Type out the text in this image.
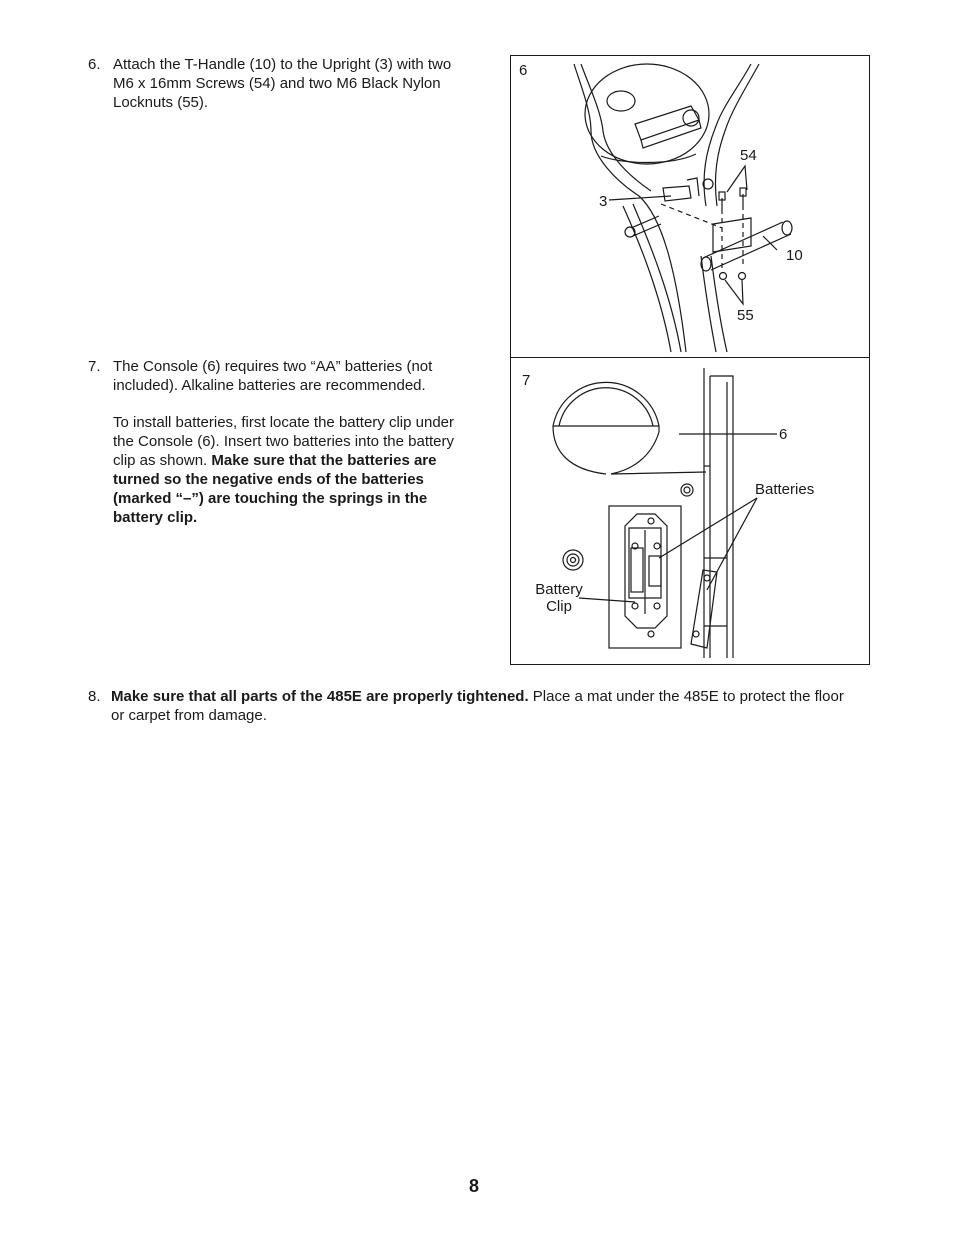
6. Attach the T-Handle (10) to the Upright (3) with two M6 x 16mm Screws (54) and two M6 Black Nylon Locknuts (55).

7. The Console (6) requires two “AA” batteries (not included). Alkaline batteries are recommended.

To install batteries, first locate the battery clip under the Console (6). Insert two batteries into the battery clip as shown. Make sure that the batteries are turned so the negative ends of the batteries (marked “–”) are touching the springs in the battery clip.

8. Make sure that all parts of the 485E are properly tightened. Place a mat under the 485E to protect the floor or carpet from damage.

6
54
3
10
55
7
6
Batteries
Battery
Clip
8
